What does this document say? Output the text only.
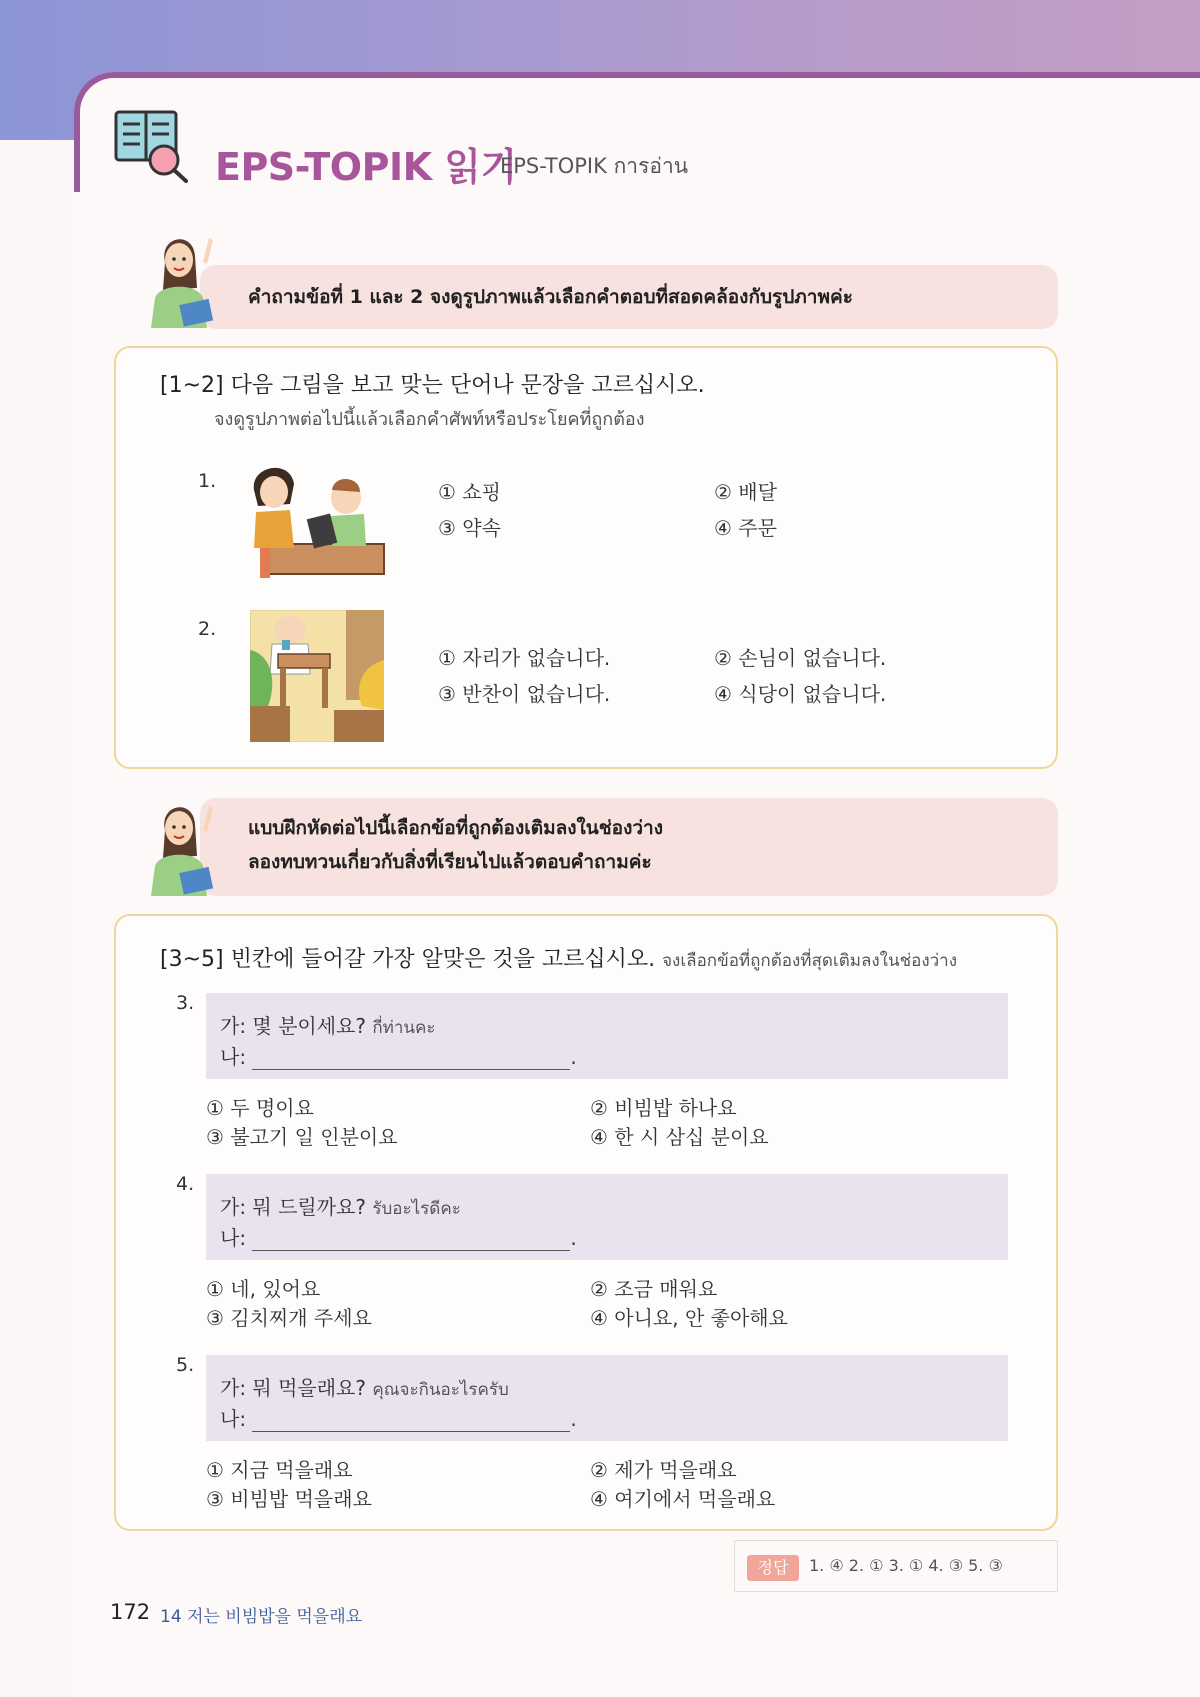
EPS-TOPIK 읽기
EPS-TOPIK การอ่าน

คำถามข้อที่ 1 และ 2 จงดูรูปภาพแล้วเลือกคำตอบที่สอดคล้องกับรูปภาพค่ะ

[1~2] 다음 그림을 보고 맞는 단어나 문장을 고르십시오.
จงดูรูปภาพต่อไปนี้แล้วเลือกคำศัพท์หรือประโยคที่ถูกต้อง
1.	① 쇼핑	② 배달
③ 약속	④ 주문
2.
① 자리가 없습니다.	② 손님이 없습니다.
③ 반찬이 없습니다.	④ 식당이 없습니다.

แบบฝึกหัดต่อไปนี้เลือกข้อที่ถูกต้องเติมลงในช่องว่าง

ลองทบทวนเกี่ยวกับสิ่งที่เรียนไปแล้วตอบคำถามค่ะ

[3~5] 빈칸에 들어갈 가장 알맞은 것을 고르십시오. จงเลือกข้อที่ถูกต้องที่สุดเติมลงในช่องว่าง
3.
가: 몇 분이세요? กี่ท่านคะ
나:	.
① 두 명이요	② 비빔밥 하나요
③ 불고기 일 인분이요	④ 한 시 삼십 분이요
4.
가: 뭐 드릴까요? รับอะไรดีคะ
나:	.
① 네, 있어요	② 조금 매워요
③ 김치찌개 주세요	④ 아니요, 안 좋아해요
5.
가: 뭐 먹을래요? คุณจะกินอะไรครับ
나:	.
① 지금 먹을래요	② 제가 먹을래요
③ 비빔밥 먹을래요	④ 여기에서 먹을래요
정답	1. ④ 2. ① 3. ① 4. ③ 5. ③
172 14 저는 비빔밥을 먹을래요
